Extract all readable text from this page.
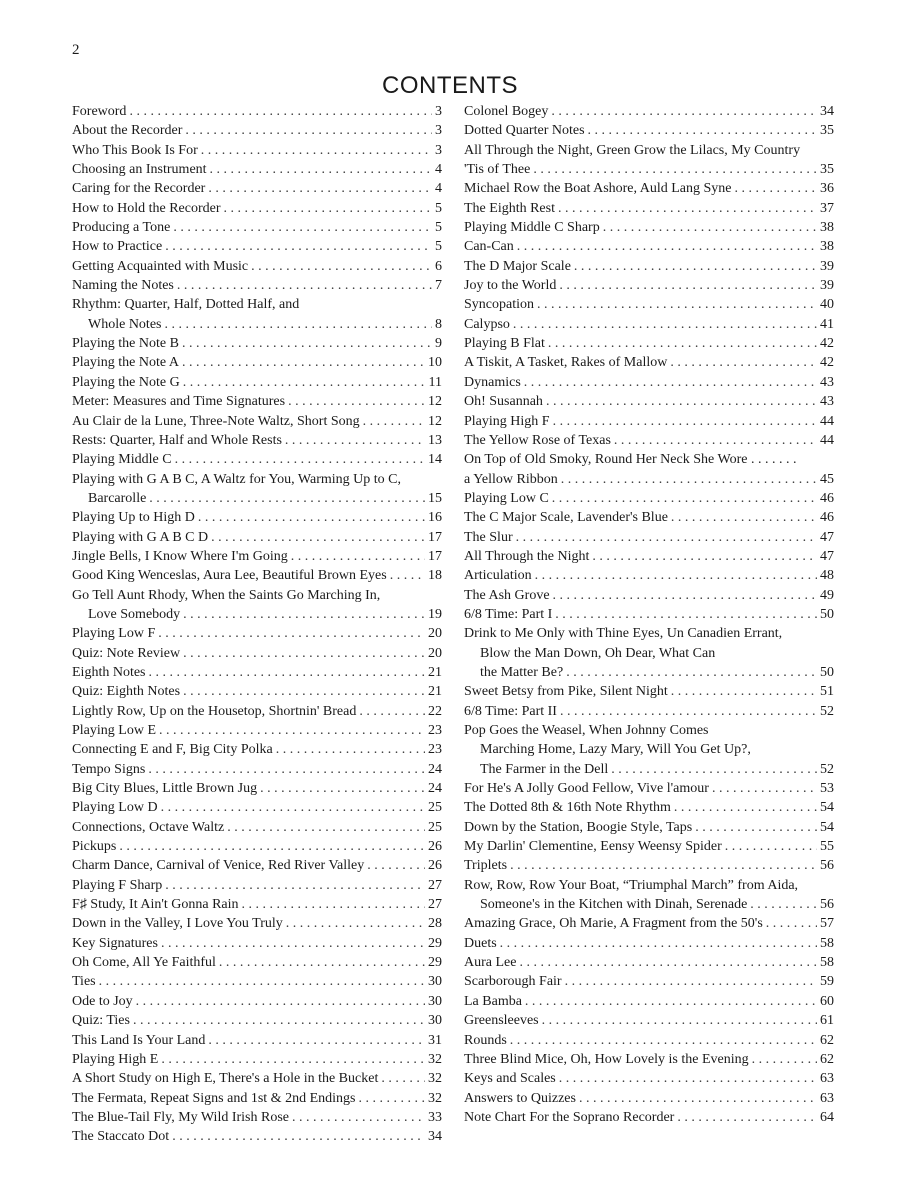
2
CONTENTS
Foreword . . .	3
About the Recorder . . .	3
Who This Book Is For . . .	3
Choosing an Instrument . . .	4
Caring for the Recorder . . .	4
How to Hold the Recorder . . .	5
Producing a Tone . . .	5
How to Practice . . .	5
Getting Acquainted with Music . . .	6
Naming the Notes . . .	7
Rhythm: Quarter, Half, Dotted Half, and
Whole Notes . . .	8
Playing the Note B . . .	9
Playing the Note A . . .	10
Playing the Note G . . .	11
Meter: Measures and Time Signatures . . .	12
Au Clair de la Lune, Three-Note Waltz, Short Song . . .	12
Rests: Quarter, Half and Whole Rests . . .	13
Playing Middle C . . .	14
Playing with G A B C, A Waltz for You, Warming Up to C,
Barcarolle . . .	15
Playing Up to High D . . .	16
Playing with G A B C D . . .	17
Jingle Bells, I Know Where I'm Going . . .	17
Good King Wenceslas, Aura Lee, Beautiful Brown Eyes . . .	18
Go Tell Aunt Rhody, When the Saints Go Marching In,
Love Somebody . . .	19
Playing Low F . . .	20
Quiz: Note Review . . .	20
Eighth Notes . . .	21
Quiz: Eighth Notes . . .	21
Lightly Row, Up on the Housetop, Shortnin' Bread . . .	22
Playing Low E . . .	23
Connecting E and F, Big City Polka . . .	23
Tempo Signs . . .	24
Big City Blues, Little Brown Jug . . .	24
Playing Low D . . .	25
Connections, Octave Waltz . . .	25
Pickups . . .	26
Charm Dance, Carnival of Venice, Red River Valley . . .	26
Playing F Sharp . . .	27
F♯ Study, It Ain't Gonna Rain . . .	27
Down in the Valley, I Love You Truly . . .	28
Key Signatures . . .	29
Oh Come, All Ye Faithful . . .	29
Ties . . .	30
Ode to Joy . . .	30
Quiz: Ties . . .	30
This Land Is Your Land . . .	31
Playing High E . . .	32
A Short Study on High E, There's a Hole in the Bucket . . .	32
The Fermata, Repeat Signs and 1st & 2nd Endings . . .	32
The Blue-Tail Fly, My Wild Irish Rose . . .	33
The Staccato Dot . . .	34
Colonel Bogey . . .	34
Dotted Quarter Notes . . .	35
All Through the Night, Green Grow the Lilacs, My Country
'Tis of Thee . . .	35
Michael Row the Boat Ashore, Auld Lang Syne . . .	36
The Eighth Rest . . .	37
Playing Middle C Sharp . . .	38
Can-Can . . .	38
The D Major Scale . . .	39
Joy to the World . . .	39
Syncopation . . .	40
Calypso . . .	41
Playing B Flat . . .	42
A Tiskit, A Tasket, Rakes of Mallow . . .	42
Dynamics . . .	43
Oh! Susannah . . .	43
Playing High F . . .	44
The Yellow Rose of Texas . . .	44
On Top of Old Smoky, Round Her Neck She Wore . . . . . . .
a Yellow Ribbon . . .	45
Playing Low C . . .	46
The C Major Scale, Lavender's Blue . . .	46
The Slur . . .	47
All Through the Night . . .	47
Articulation . . .	48
The Ash Grove . . .	49
6/8 Time: Part I . . .	50
Drink to Me Only with Thine Eyes, Un Canadien Errant,
Blow the Man Down, Oh Dear, What Can
the Matter Be? . . .	50
Sweet Betsy from Pike, Silent Night . . .	51
6/8 Time: Part II . . .	52
Pop Goes the Weasel, When Johnny Comes
Marching Home, Lazy Mary, Will You Get Up?,
The Farmer in the Dell . . .	52
For He's A Jolly Good Fellow, Vive l'amour . . .	53
The Dotted 8th & 16th Note Rhythm . . .	54
Down by the Station, Boogie Style, Taps . . .	54
My Darlin' Clementine, Eensy Weensy Spider . . .	55
Triplets . . .	56
Row, Row, Row Your Boat, “Triumphal March” from Aida,
Someone's in the Kitchen with Dinah, Serenade . . .	56
Amazing Grace, Oh Marie, A Fragment from the 50's . . .	57
Duets . . .	58
Aura Lee . . .	58
Scarborough Fair . . .	59
La Bamba . . .	60
Greensleeves . . .	61
Rounds . . .	62
Three Blind Mice, Oh, How Lovely is the Evening . . .	62
Keys and Scales . . .	63
Answers to Quizzes . . .	63
Note Chart For the Soprano Recorder . . .	64
